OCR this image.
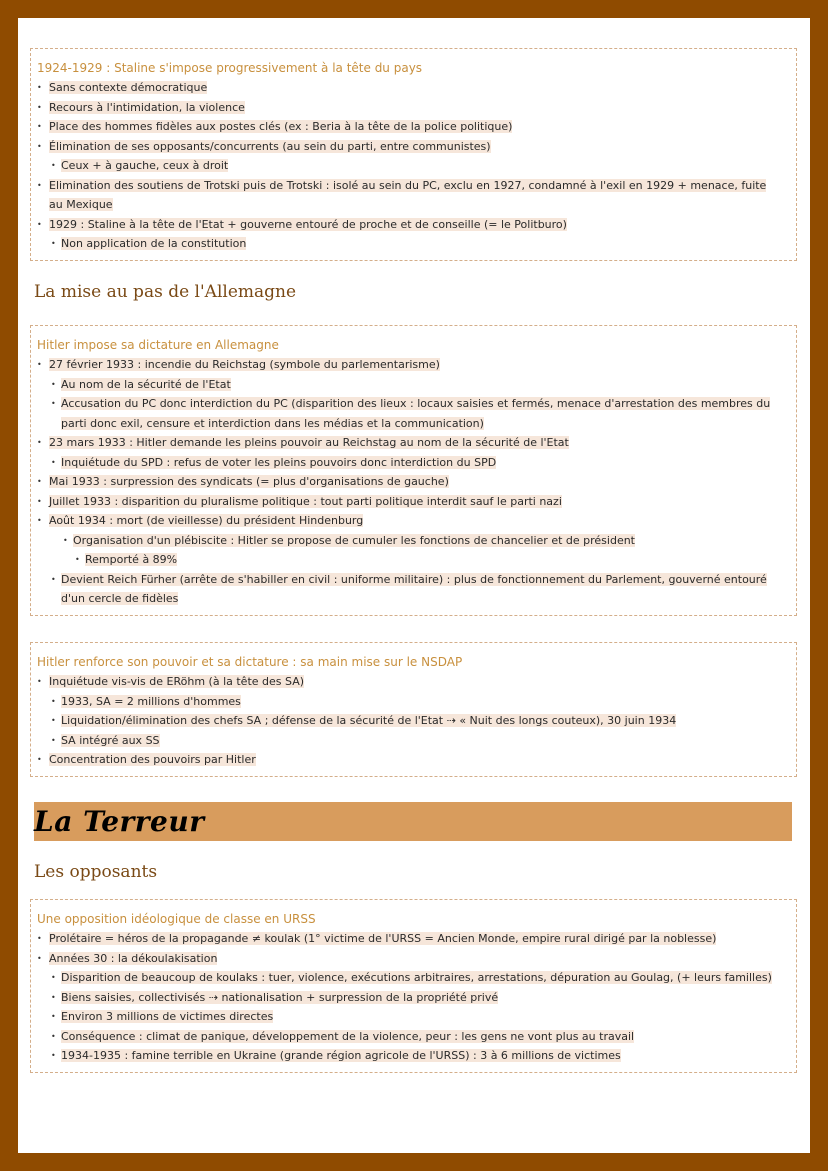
1924-1929 : Staline s'impose progressivement à la tête du pays
• Sans contexte démocratique
• Recours à l'intimidation, la violence
• Place des hommes fidèles aux postes clés (ex : Beria à la tête de la police politique)
• Élimination de ses opposants/concurrents (au sein du parti, entre communistes)
• Ceux + à gauche, ceux à droit
• Elimination des soutiens de Trotski puis de Trotski : isolé au sein du PC, exclu en 1927, condamné à l'exil en 1929 + menace, fuite au Mexique
• 1929 : Staline à la tête de l'Etat + gouverne entouré de proche et de conseille (= le Politburo)
• Non application de la constitution
La mise au pas de l'Allemagne
Hitler impose sa dictature en Allemagne
• 27 février 1933 : incendie du Reichstag (symbole du parlementarisme)
• Au nom de la sécurité de l'Etat
• Accusation du PC donc interdiction du PC (disparition des lieux : locaux saisies et fermés, menace d'arrestation des membres du parti donc exil, censure et interdiction dans les médias et la communication)
• 23 mars 1933 : Hitler demande les pleins pouvoir au Reichstag au nom de la sécurité de l'Etat
• Inquiétude du SPD : refus de voter les pleins pouvoirs donc interdiction du SPD
• Mai 1933 : surpression des syndicats (= plus d'organisations de gauche)
• Juillet 1933 : disparition du pluralisme politique : tout parti politique interdit sauf le parti nazi
• Août 1934 : mort (de vieillesse) du président Hindenburg
• Organisation d'un plébiscite : Hitler se propose de cumuler les fonctions de chancelier et de président
• Remporté à 89%
• Devient Reich Fürher (arrête de s'habiller en civil : uniforme militaire) : plus de fonctionnement du Parlement, gouverné entouré d'un cercle de fidèles
Hitler renforce son pouvoir et sa dictature : sa main mise sur le NSDAP
• Inquiétude vis-vis de ERöhm (à la tête des SA)
• 1933, SA = 2 millions d'hommes
• Liquidation/élimination des chefs SA ; défense de la sécurité de l'Etat ⇢ « Nuit des longs couteux), 30 juin 1934
• SA intégré aux SS
• Concentration des pouvoirs par Hitler
La Terreur
Les opposants
Une opposition idéologique de classe en URSS
• Prolétaire = héros de la propagande ≠ koulak (1° victime de l'URSS = Ancien Monde, empire rural dirigé par la noblesse)
• Années 30 : la dékoulakisation
• Disparition de beaucoup de koulaks : tuer, violence, exécutions arbitraires, arrestations, dépuration au Goulag, (+ leurs familles)
• Biens saisies, collectivisés ⇢ nationalisation + surpression de la propriété privé
• Environ 3 millions de victimes directes
• Conséquence : climat de panique, développement de la violence, peur : les gens ne vont plus au travail
• 1934-1935 : famine terrible en Ukraine (grande région agricole de l'URSS) : 3 à 6 millions de victimes
